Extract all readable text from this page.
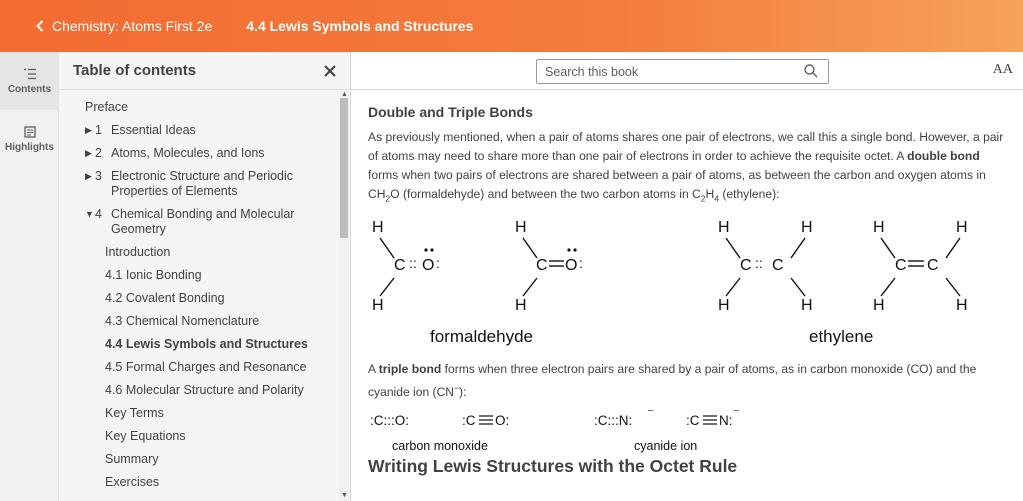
Chemistry: Atoms First 2e 4.4 Lewis Symbols and Structures
Contents
Highlights
Table of contents
Preface
▶ 1 Essential Ideas
▶ 2 Atoms, Molecules, and Ions
▶ 3 Electronic Structure and Periodic Properties of Elements
▼ 4 Chemical Bonding and Molecular Geometry
Introduction
4.1 Ionic Bonding
4.2 Covalent Bonding
4.3 Chemical Nomenclature
4.4 Lewis Symbols and Structures
4.5 Formal Charges and Resonance
4.6 Molecular Structure and Polarity
Key Terms
Key Equations
Summary
Exercises
▲
▼
Search this book
AA
Double and Triple Bonds

As previously mentioned, when a pair of atoms shares one pair of electrons, we call this a single bond. However, a pair of atoms may need to share more than one pair of electrons in order to achieve the requisite octet. A double bond forms when two pairs of electrons are shared between a pair of atoms, as between the carbon and oxygen atoms in $CH_2O$ (formaldehyde) and between the two carbon atoms in $C_2H_4$ (ethylene):

H
C :: O :
H
H
C O :
H
H	H
C :: C
H	H
H	H
C C
H	H
formaldehyde	ethylene

A triple bond forms when three electron pairs are shared by a pair of atoms, as in carbon monoxide (CO) and the cyanide ion (CN−):

:C:::O:	:C O:	:C:::N:	:C N:
carbon monoxide	cyanide ion
Writing Lewis Structures with the Octet Rule
